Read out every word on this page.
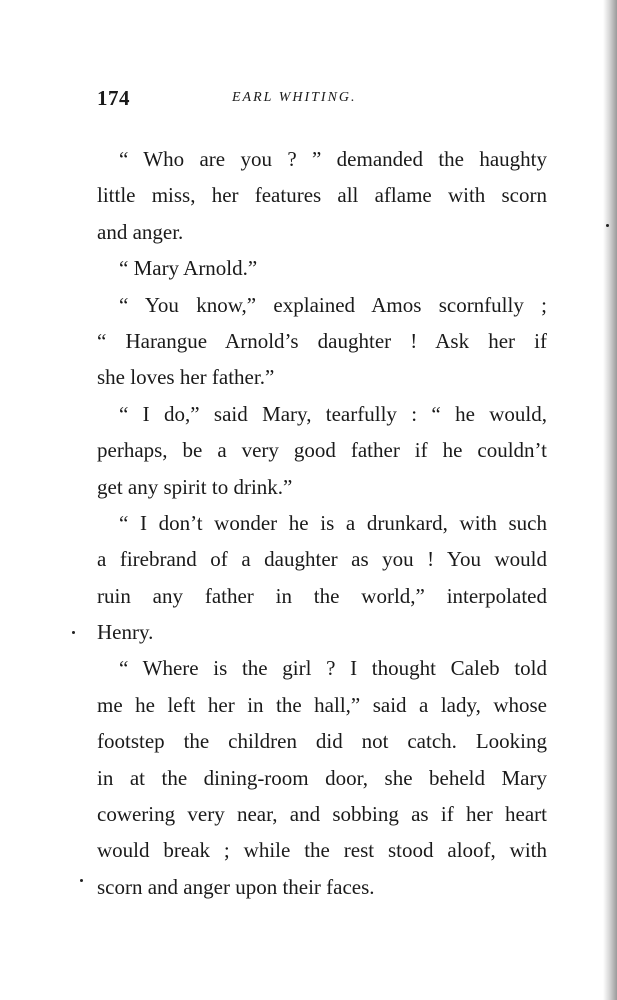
174	EARL WHITING.
“ Who are you ? ” demanded the haughty
little miss, her features all aflame with scorn
and anger.
“ Mary Arnold.”
“ You know,” explained Amos scornfully ;
“ Harangue Arnold’s daughter ! Ask her if
she loves her father.”
“ I do,” said Mary, tearfully : “ he would,
perhaps, be a very good father if he couldn’t
get any spirit to drink.”
“ I don’t wonder he is a drunkard, with such
a firebrand of a daughter as you ! You would
ruin any father in the world,” interpolated
Henry.
“ Where is the girl ? I thought Caleb told
me he left her in the hall,” said a lady, whose
footstep the children did not catch. Looking
in at the dining-room door, she beheld Mary
cowering very near, and sobbing as if her heart
would break ; while the rest stood aloof, with
scorn and anger upon their faces.
